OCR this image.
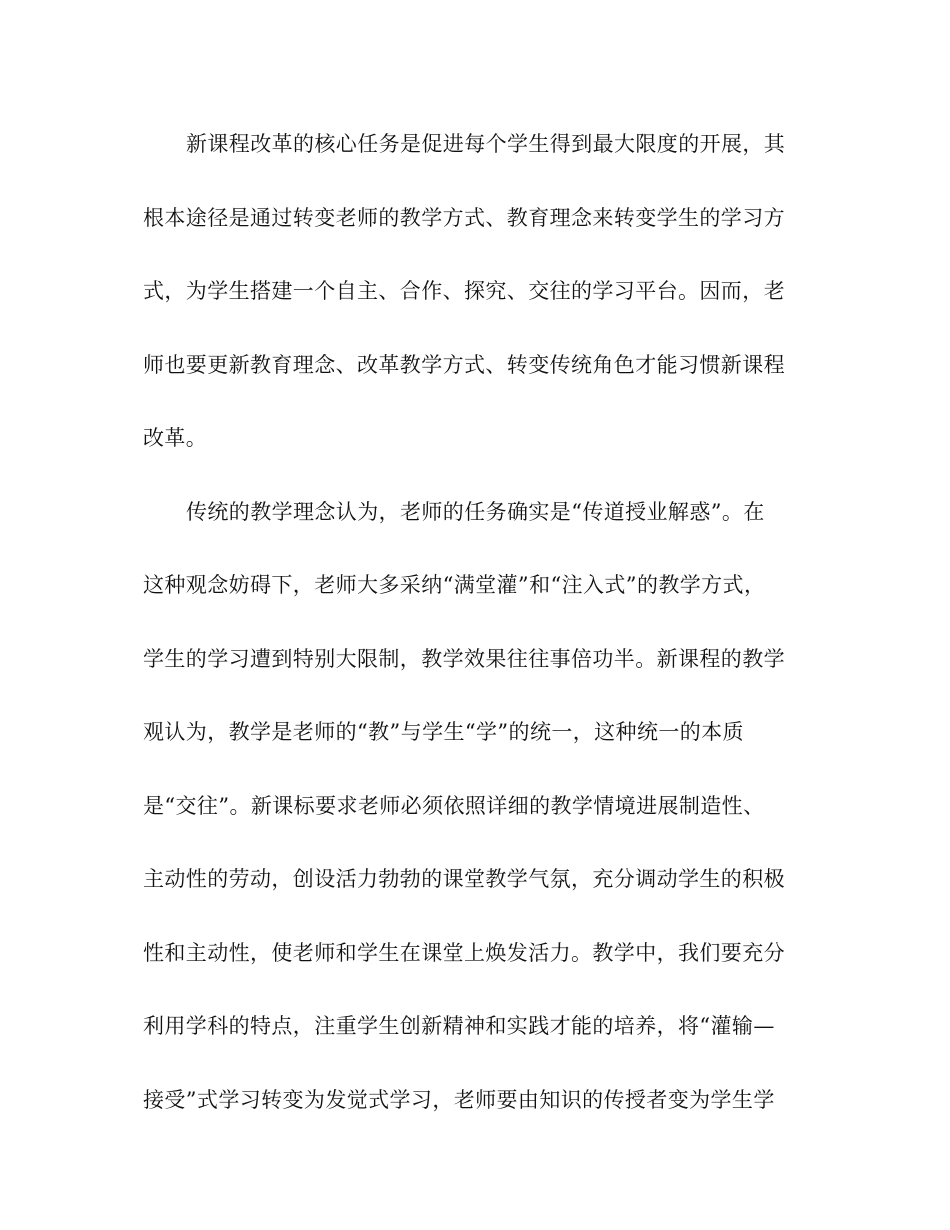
新课程改革的核心任务是促进每个学生得到最大限度的开展，其
根本途径是通过转变老师的教学方式、教育理念来转变学生的学习方
式，为学生搭建一个自主、合作、探究、交往的学习平台。因而，老
师也要更新教育理念、改革教学方式、转变传统角色才能习惯新课程
改革。
传统的教学理念认为，老师的任务确实是“传道授业解惑”。在
这种观念妨碍下，老师大多采纳“满堂灌”和“注入式”的教学方式，
学生的学习遭到特别大限制，教学效果往往事倍功半。新课程的教学
观认为，教学是老师的“教”与学生“学”的统一，这种统一的本质
是“交往”。新课标要求老师必须依照详细的教学情境进展制造性、
主动性的劳动，创设活力勃勃的课堂教学气氛，充分调动学生的积极
性和主动性，使老师和学生在课堂上焕发活力。教学中，我们要充分
利用学科的特点，注重学生创新精神和实践才能的培养，将“灌输—
接受”式学习转变为发觉式学习，老师要由知识的传授者变为学生学
